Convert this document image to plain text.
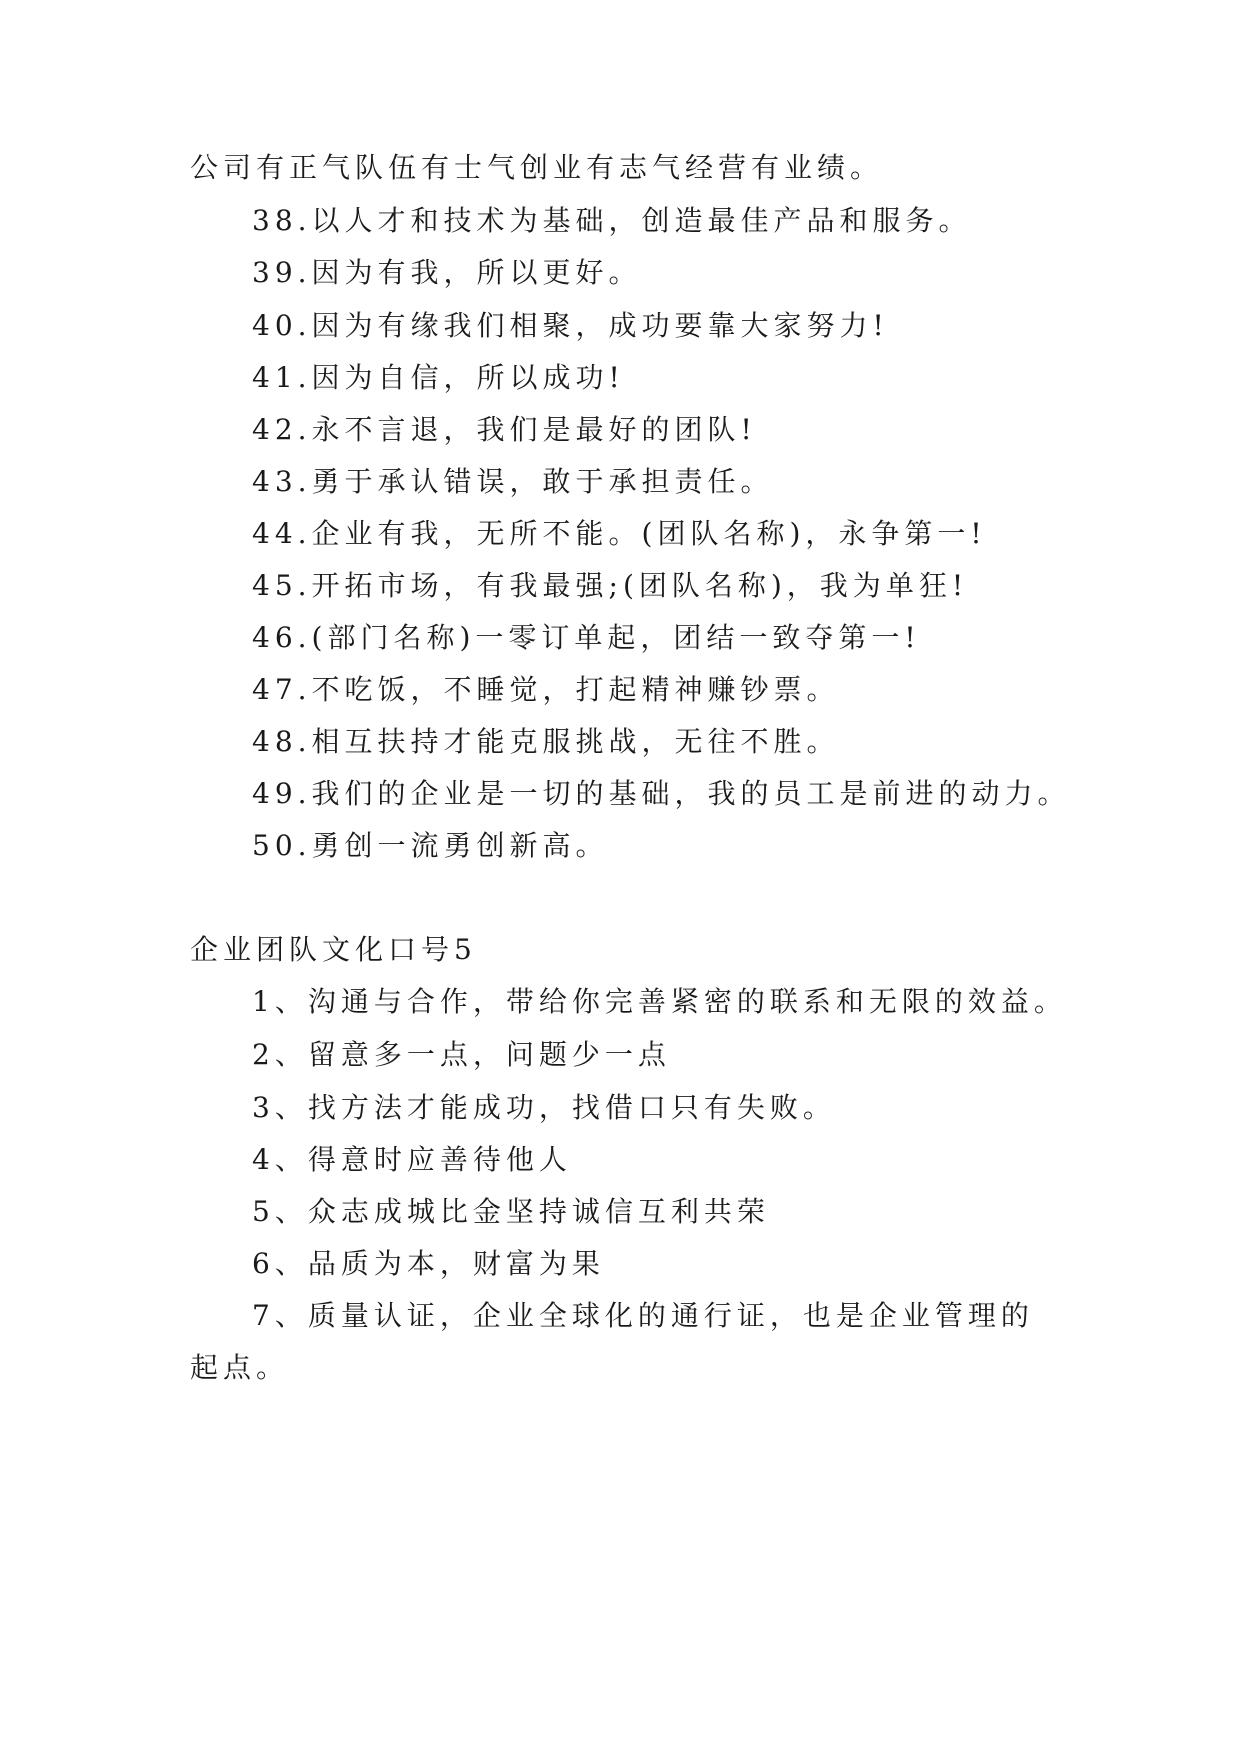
公司有正气队伍有士气创业有志气经营有业绩。
38.以人才和技术为基础，创造最佳产品和服务。
39.因为有我，所以更好。
40.因为有缘我们相聚，成功要靠大家努力!
41.因为自信，所以成功!
42.永不言退，我们是最好的团队!
43.勇于承认错误，敢于承担责任。
44.企业有我，无所不能。(团队名称)，永争第一!
45.开拓市场，有我最强;(团队名称)，我为单狂!
46.(部门名称)一零订单起，团结一致夺第一!
47.不吃饭，不睡觉，打起精神赚钞票。
48.相互扶持才能克服挑战，无往不胜。
49.我们的企业是一切的基础，我的员工是前进的动力。
50.勇创一流勇创新高。
企业团队文化口号5
1、沟通与合作，带给你完善紧密的联系和无限的效益。
2、留意多一点，问题少一点
3、找方法才能成功，找借口只有失败。
4、得意时应善待他人
5、众志成城比金坚持诚信互利共荣
6、品质为本，财富为果
7、质量认证，企业全球化的通行证，也是企业管理的
起点。
